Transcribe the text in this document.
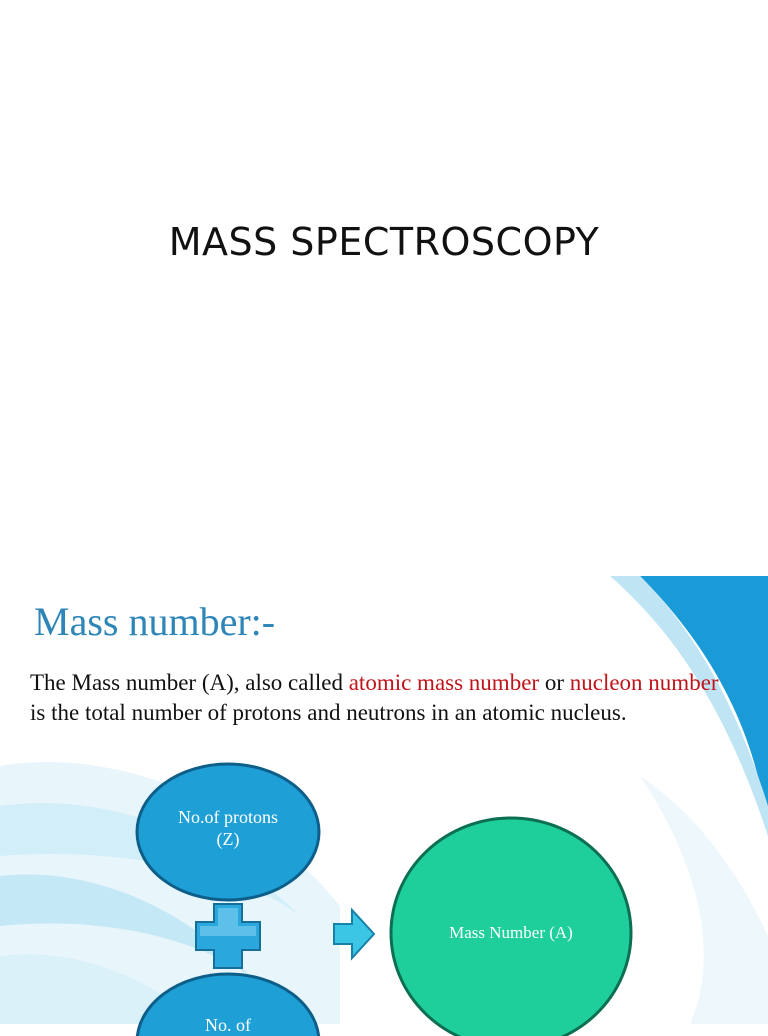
MASS SPECTROSCOPY
Mass number:-
The Mass number (A), also called atomic mass number or nucleon number is the total number of protons and neutrons in an atomic nucleus.
No.of protons
(Z)
Mass Number (A)
No. of
